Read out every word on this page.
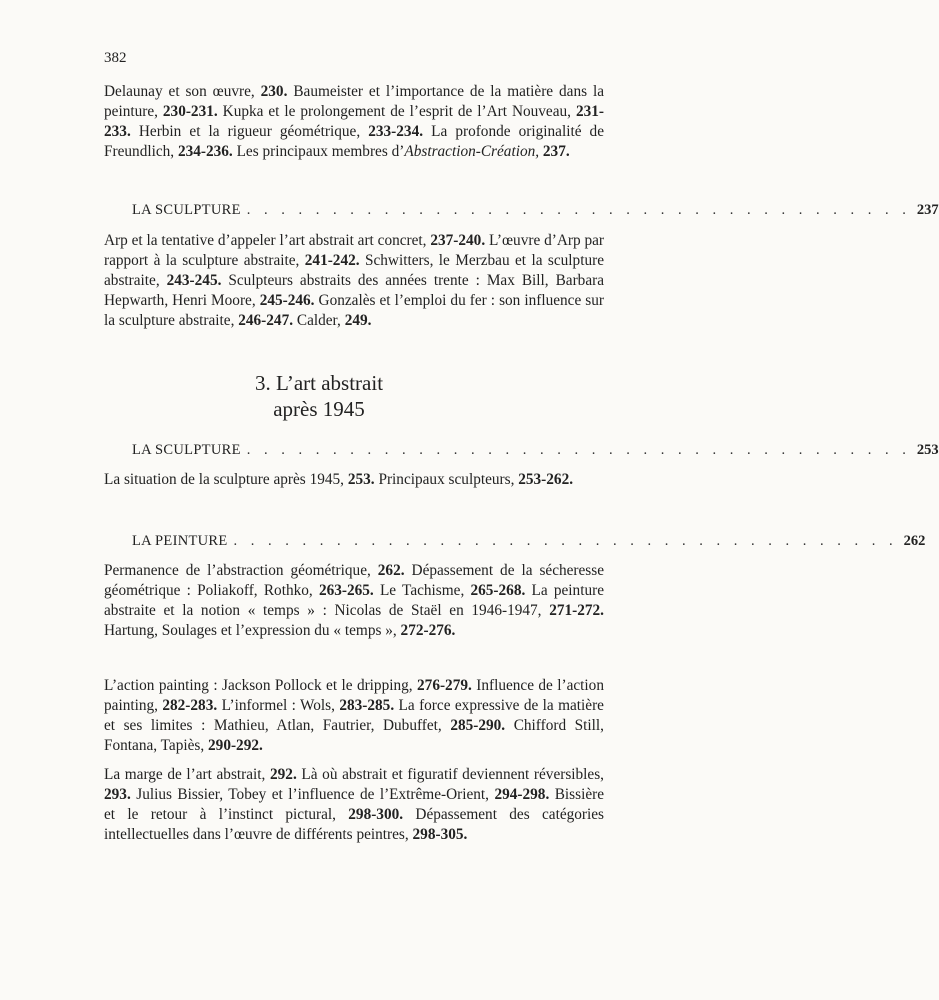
382

Delaunay et son œuvre, 230. Baumeister et l’importance de la matière dans la peinture, 230-231. Kupka et le prolongement de l’esprit de l’Art Nouveau, 231-233. Herbin et la rigueur géométrique, 233-234. La profonde originalité de Freundlich, 234-236. Les principaux membres d’Abstraction-Création, 237.

LA SCULPTURE . . . . . . . . . . . . . . . . . . . . . . . . . . . . . . . . . . . . . . . 237

Arp et la tentative d’appeler l’art abstrait art concret, 237-240. L’œuvre d’Arp par rapport à la sculpture abstraite, 241-242. Schwitters, le Merzbau et la sculpture abstraite, 243-245. Sculpteurs abstraits des années trente : Max Bill, Barbara Hepwarth, Henri Moore, 245-246. Gonzalès et l’emploi du fer : son influence sur la sculpture abstraite, 246-247. Calder, 249.

3. L’art abstrait
après 1945
LA SCULPTURE . . . . . . . . . . . . . . . . . . . . . . . . . . . . . . . . . . . . . . . 253

La situation de la sculpture après 1945, 253. Principaux sculpteurs, 253-262.

LA PEINTURE . . . . . . . . . . . . . . . . . . . . . . . . . . . . . . . . . . . . . . . 262

Permanence de l’abstraction géométrique, 262. Dépassement de la sécheresse géométrique : Poliakoff, Rothko, 263-265. Le Tachisme, 265-268. La peinture abstraite et la notion « temps » : Nicolas de Staël en 1946-1947, 271-272. Hartung, Soulages et l’expression du « temps », 272-276.

L’action painting : Jackson Pollock et le dripping, 276-279. Influence de l’action painting, 282-283. L’informel : Wols, 283-285. La force expressive de la matière et ses limites : Mathieu, Atlan, Fautrier, Dubuffet, 285-290. Chifford Still, Fontana, Tapiès, 290-292.

La marge de l’art abstrait, 292. Là où abstrait et figuratif deviennent réversibles, 293. Julius Bissier, Tobey et l’influence de l’Extrême-Orient, 294-298. Bissière et le retour à l’instinct pictural, 298-300. Dépassement des catégories intellectuelles dans l’œuvre de différents peintres, 298-305.
